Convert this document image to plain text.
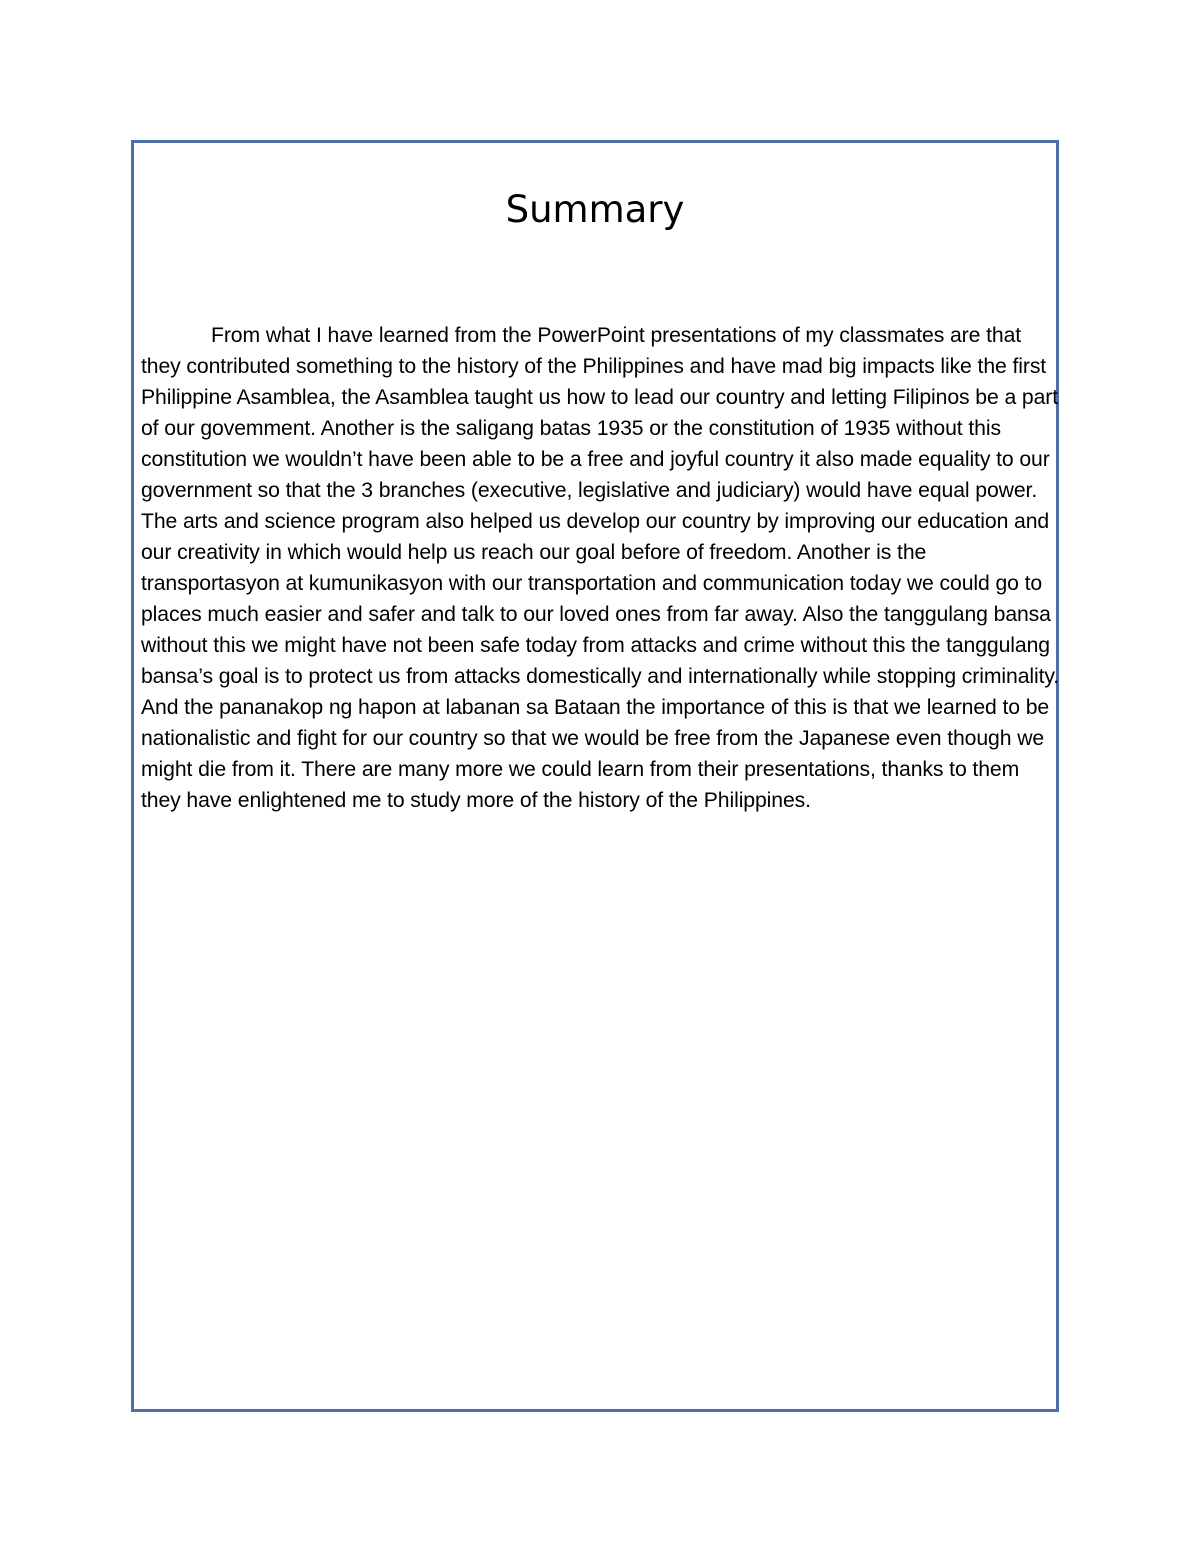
Summary

From what I have learned from the PowerPoint presentations of my classmates are that they contributed something to the history of the Philippines and have mad big impacts like the first Philippine Asamblea, the Asamblea taught us how to lead our country and letting Filipinos be a part of our govemment. Another is the saligang batas 1935 or the constitution of 1935 without this constitution we wouldn’t have been able to be a free and joyful country it also made equality to our government so that the 3 branches (executive, legislative and judiciary) would have equal power. The arts and science program also helped us develop our country by improving our education and our creativity in which would help us reach our goal before of freedom. Another is the transportasyon at kumunikasyon with our transportation and communication today we could go to places much easier and safer and talk to our loved ones from far away. Also the tanggulang bansa without this we might have not been safe today from attacks and crime without this the tanggulang bansa’s goal is to protect us from attacks domestically and internationally while stopping criminality. And the pananakop ng hapon at labanan sa Bataan the importance of this is that we learned to be nationalistic and fight for our country so that we would be free from the Japanese even though we might die from it. There are many more we could learn from their presentations, thanks to them they have enlightened me to study more of the history of the Philippines.
